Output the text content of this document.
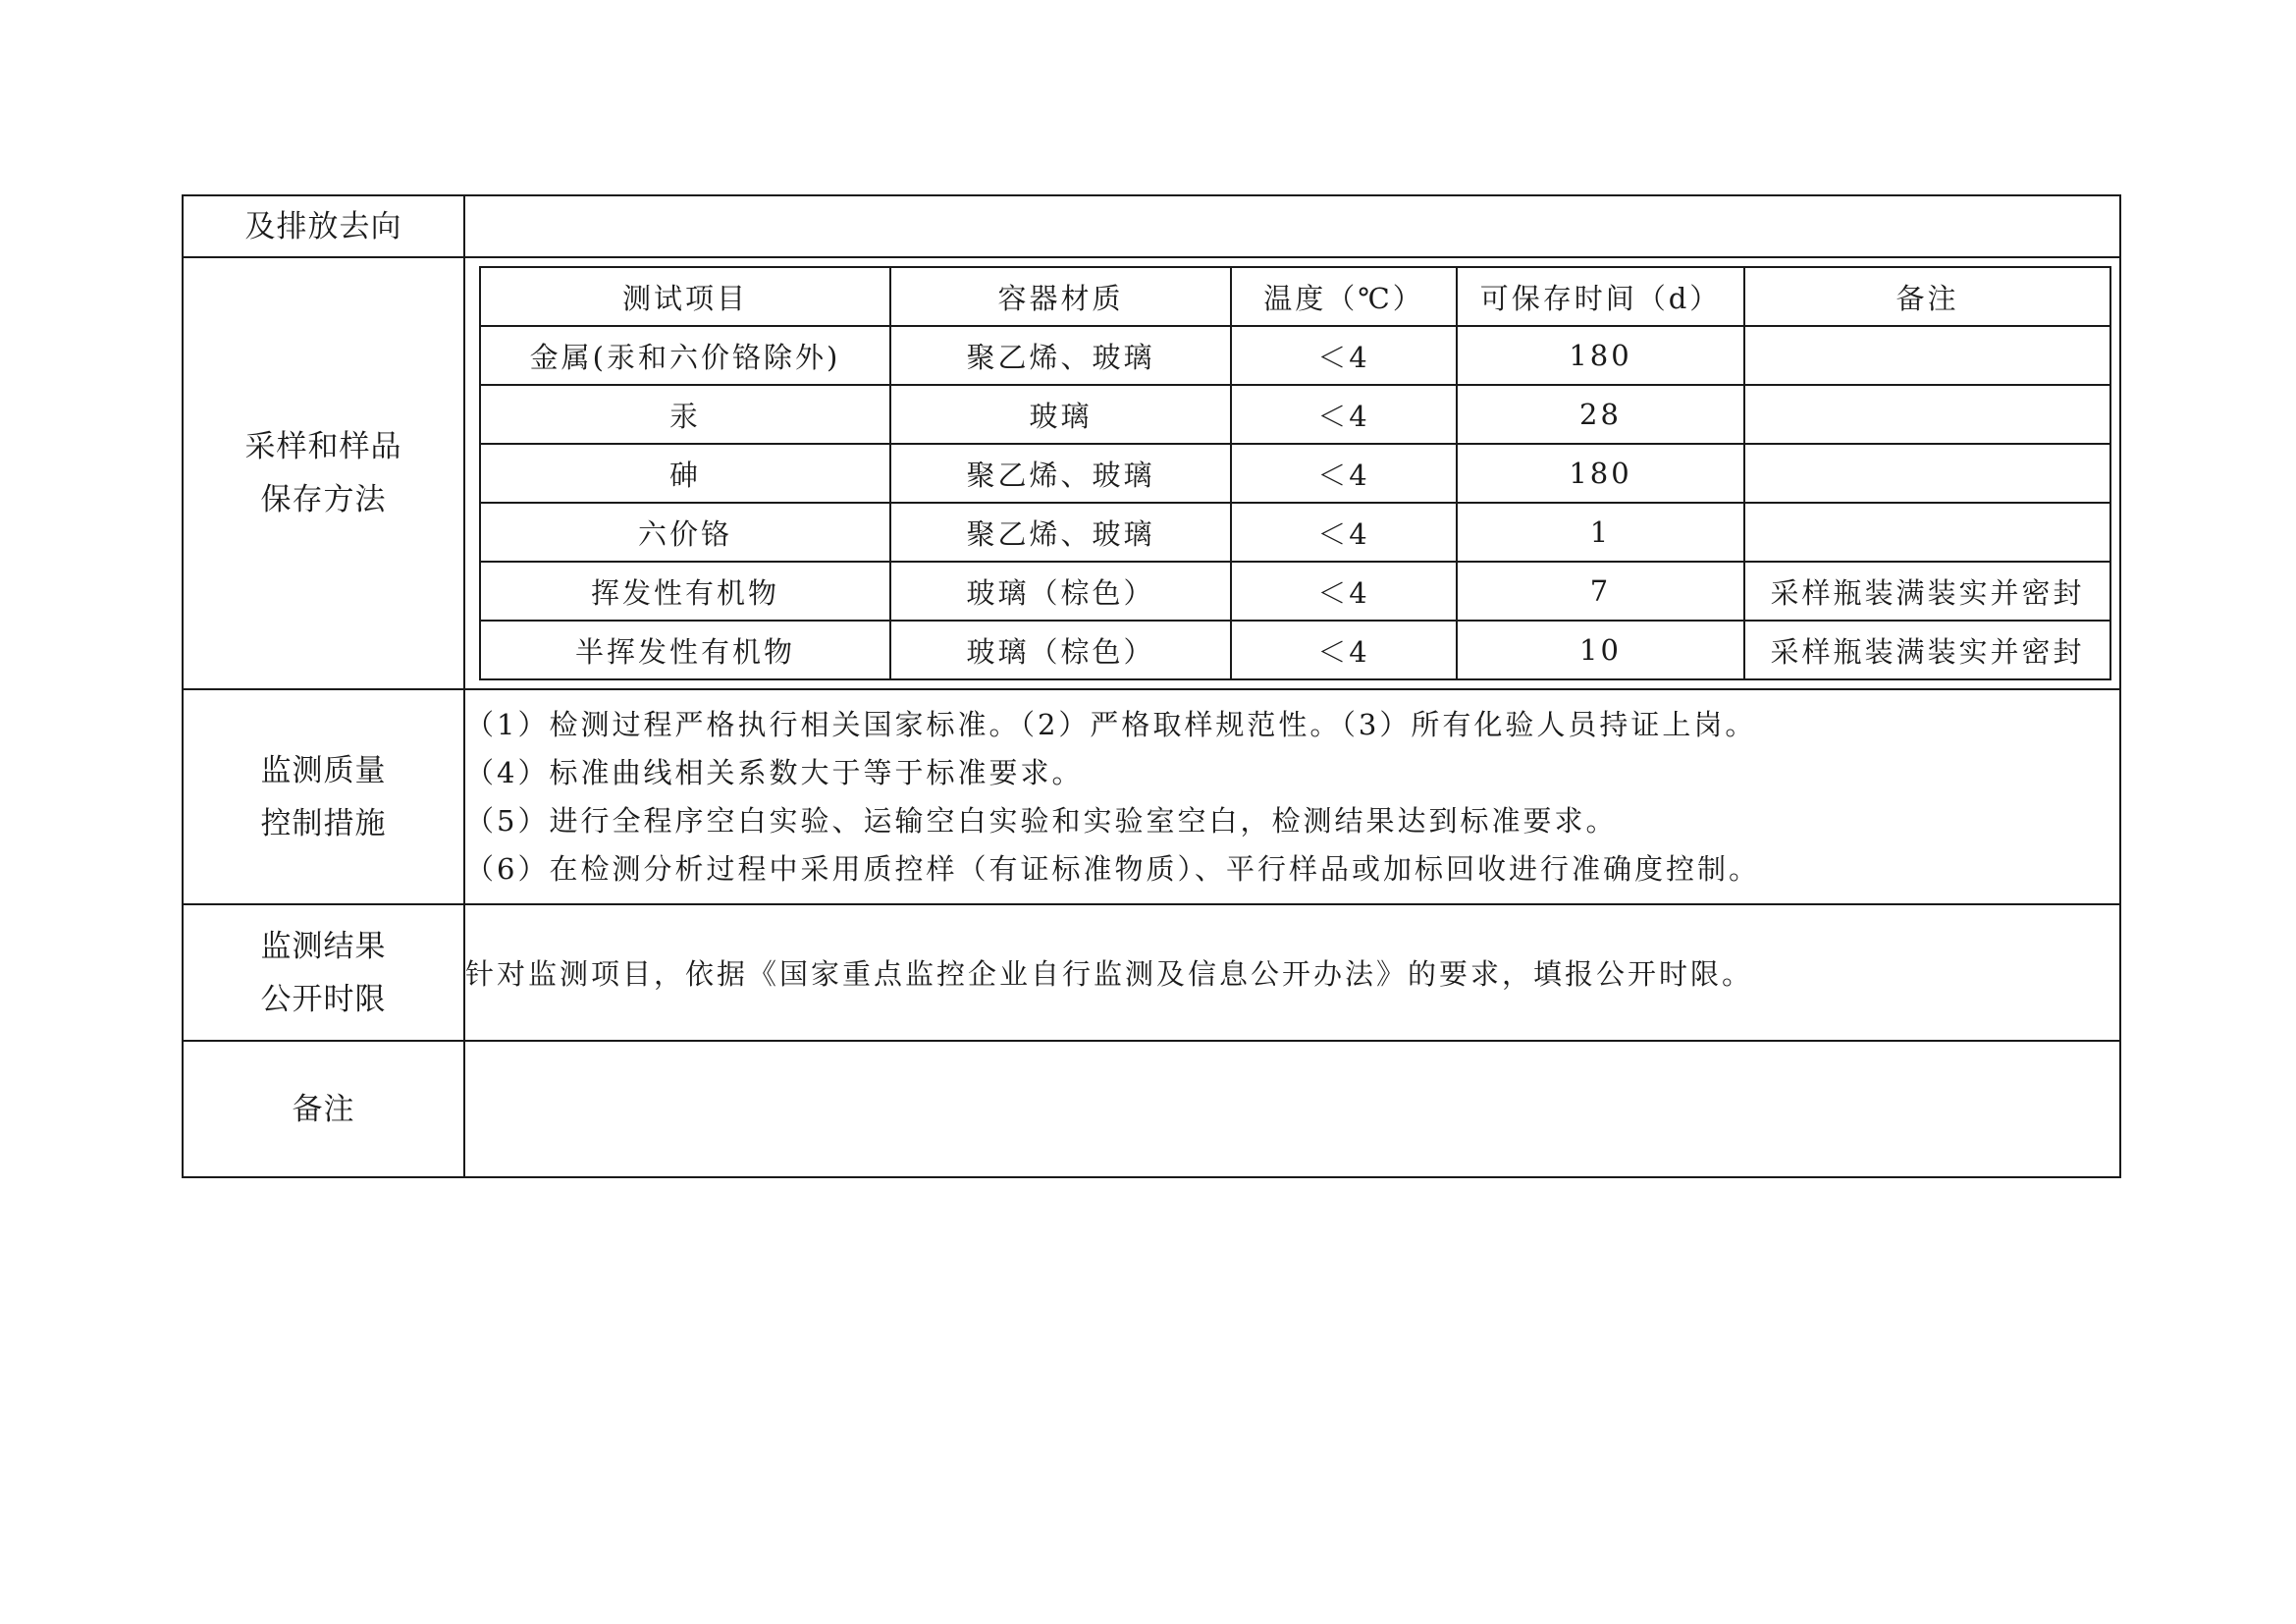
及排放去向	

采样和样品
保存方法

测试项目	容器材质	温度（℃）	可保存时间（d）	备注
金属(汞和六价铬除外)	聚乙烯、玻璃	＜4	180	
汞	玻璃	＜4	28	
砷	聚乙烯、玻璃	＜4	180	
六价铬	聚乙烯、玻璃	＜4	1	
挥发性有机物	玻璃（棕色）	＜4	7	采样瓶装满装实并密封
半挥发性有机物	玻璃（棕色）	＜4	10	采样瓶装满装实并密封

监测质量
控制措施

（1）检测过程严格执行相关国家标准。（2）严格取样规范性。（3）所有化验人员持证上岗。

（4）标准曲线相关系数大于等于标准要求。

（5）进行全程序空白实验、运输空白实验和实验室空白，检测结果达到标准要求。

（6）在检测分析过程中采用质控样（有证标准物质）、平行样品或加标回收进行准确度控制。

监测结果
公开时限
	针对监测项目，依据《国家重点监控企业自行监测及信息公开办法》的要求，填报公开时限。
备注	
